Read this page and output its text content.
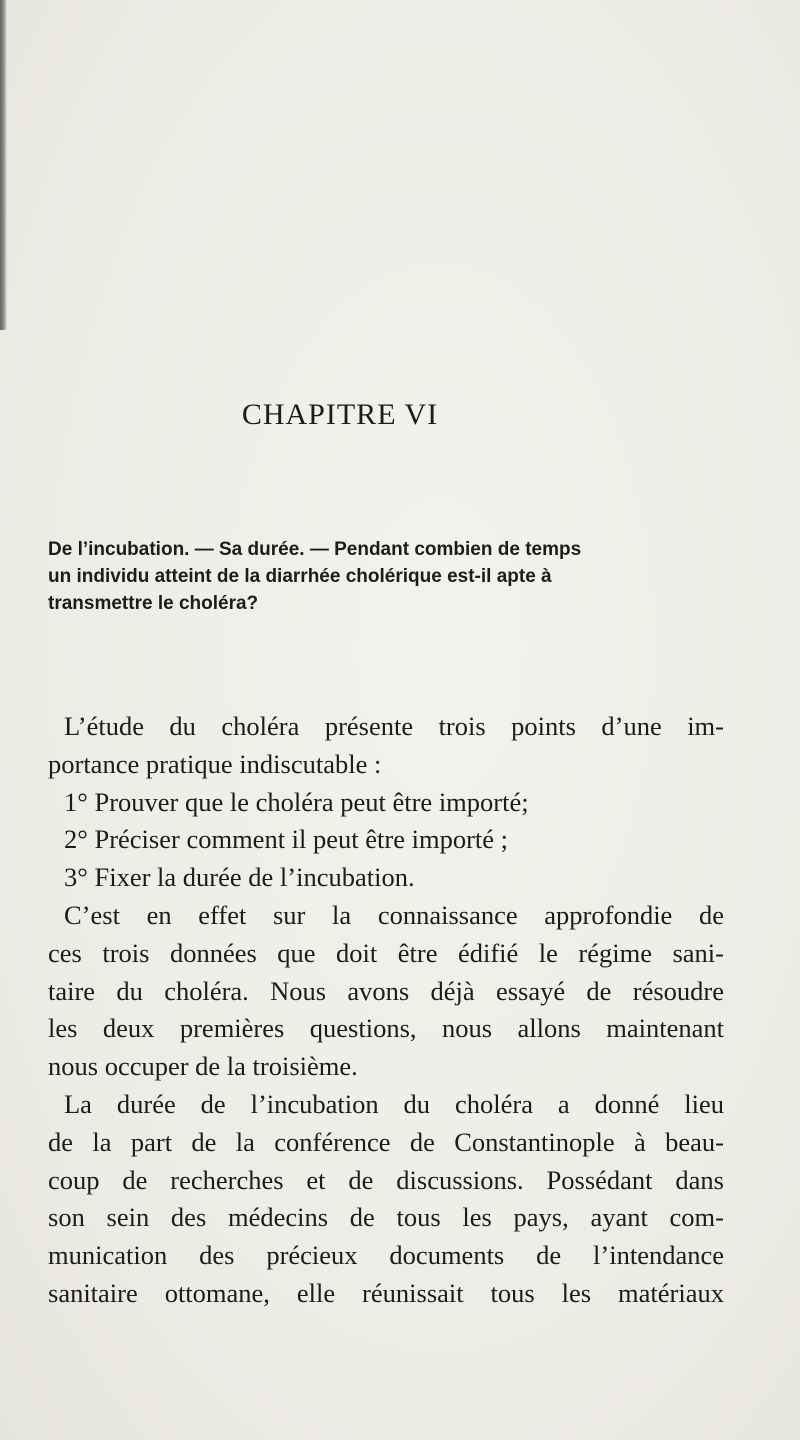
CHAPITRE VI
De l’incubation. — Sa durée. — Pendant combien de temps
un individu atteint de la diarrhée cholérique est-il apte à
transmettre le choléra?
L’étude du choléra présente trois points d’une im-
portance pratique indiscutable :
1° Prouver que le choléra peut être importé;
2° Préciser comment il peut être importé ;
3° Fixer la durée de l’incubation.
C’est en effet sur la connaissance approfondie de
ces trois données que doit être édifié le régime sani-
taire du choléra. Nous avons déjà essayé de résoudre
les deux premières questions, nous allons maintenant
nous occuper de la troisième.
La durée de l’incubation du choléra a donné lieu
de la part de la conférence de Constantinople à beau-
coup de recherches et de discussions. Possédant dans
son sein des médecins de tous les pays, ayant com-
munication des précieux documents de l’intendance
sanitaire ottomane, elle réunissait tous les matériaux
